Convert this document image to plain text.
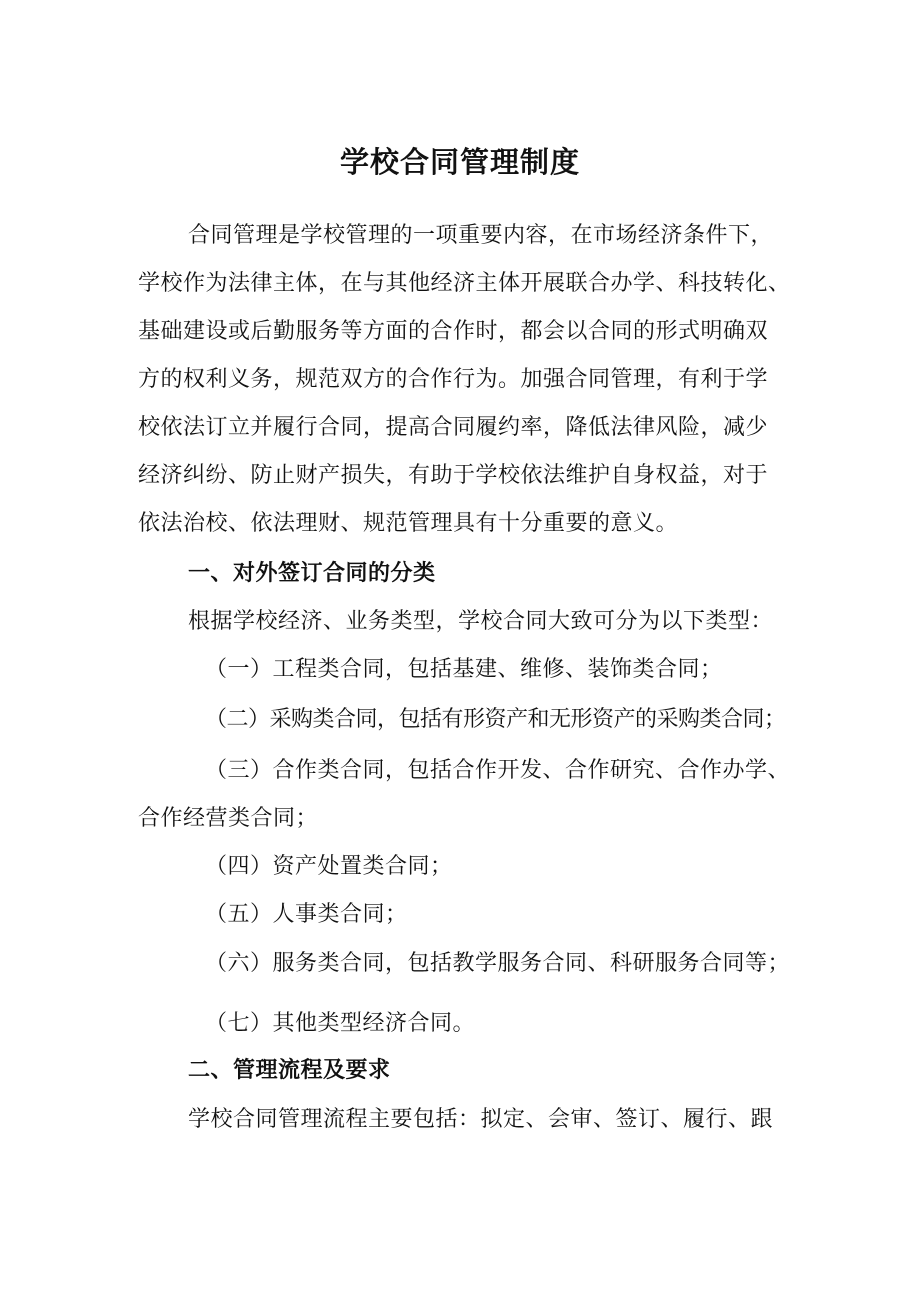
学校合同管理制度
合同管理是学校管理的一项重要内容，在市场经济条件下，
学校作为法律主体，在与其他经济主体开展联合办学、科技转化、
基础建设或后勤服务等方面的合作时，都会以合同的形式明确双
方的权利义务，规范双方的合作行为。加强合同管理，有利于学
校依法订立并履行合同，提高合同履约率，降低法律风险，减少
经济纠纷、防止财产损失，有助于学校依法维护自身权益，对于
依法治校、依法理财、规范管理具有十分重要的意义。
一、对外签订合同的分类
根据学校经济、业务类型，学校合同大致可分为以下类型：
（一）工程类合同，包括基建、维修、装饰类合同；
（二）采购类合同，包括有形资产和无形资产的采购类合同；
（三）合作类合同，包括合作开发、合作研究、合作办学、
合作经营类合同；
（四）资产处置类合同；
（五）人事类合同；
（六）服务类合同，包括教学服务合同、科研服务合同等；
（七）其他类型经济合同。
二、管理流程及要求
学校合同管理流程主要包括：拟定、会审、签订、履行、跟
